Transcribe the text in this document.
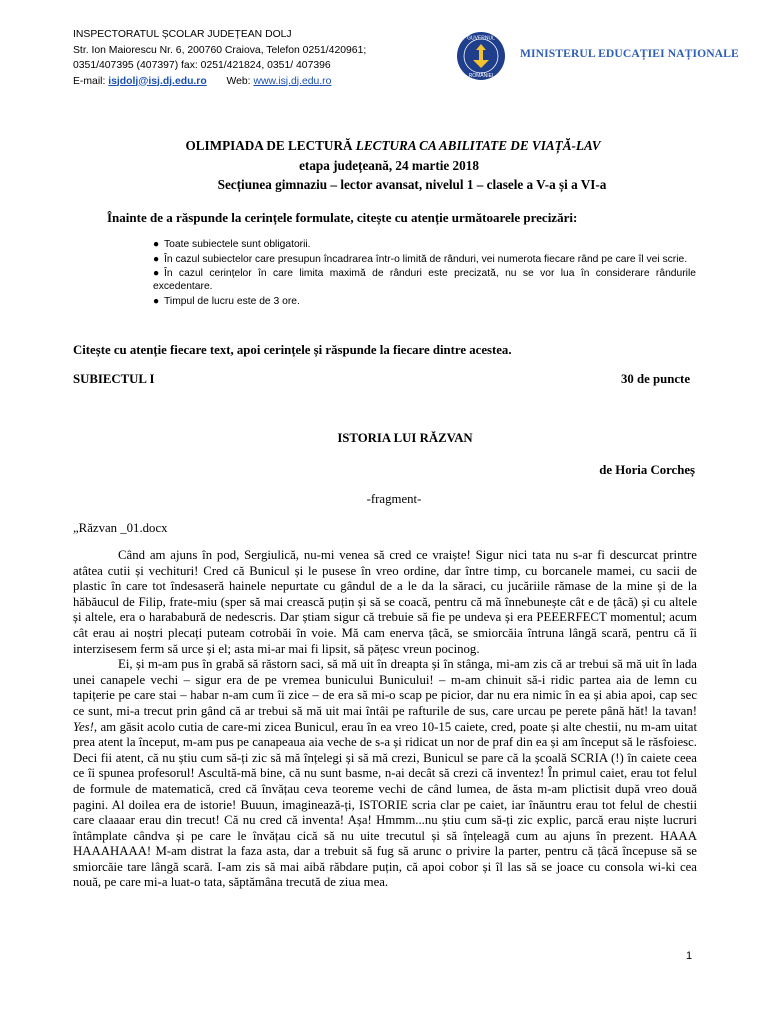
INSPECTORATUL ȘCOLAR JUDEȚEAN DOLJ
Str. Ion Maiorescu Nr. 6, 200760 Craiova, Telefon 0251/420961;
0351/407395 (407397) fax: 0251/421824, 0351/ 407396
E-mail: isjdolj@isj.dj.edu.ro Web: www.isj.dj.edu.ro
GUVERNUL
ROMÂNIEI
MINISTERUL EDUCAȚIEI NAȚIONALE
OLIMPIADA DE LECTURĂ LECTURA CA ABILITATE DE VIAȚĂ-LAV
etapa județeană, 24 martie 2018
Secțiunea gimnaziu – lector avansat, nivelul 1 – clasele a V-a și a VI-a
Înainte de a răspunde la cerințele formulate, citește cu atenție următoarele precizări:
● Toate subiectele sunt obligatorii.
● În cazul subiectelor care presupun încadrarea într-o limită de rânduri, vei numerota fiecare rând pe care îl vei scrie.
● În cazul cerințelor în care limita maximă de rânduri este precizată, nu se vor lua în considerare rândurile excedentare.
● Timpul de lucru este de 3 ore.
Citește cu atenție fiecare text, apoi cerințele și răspunde la fiecare dintre acestea.
SUBIECTUL I	30 de puncte
ISTORIA LUI RĂZVAN
de Horia Corcheș
-fragment-
„Răzvan _01.docx

Când am ajuns în pod, Sergiulică, nu-mi venea să cred ce vraiște! Sigur nici tata nu s-ar fi descurcat printre atâtea cutii și vechituri! Cred că Bunicul și le pusese în vreo ordine, dar între timp, cu borcanele mamei, cu sacii de plastic în care tot îndesaseră hainele nepurtate cu gândul de a le da la săraci, cu jucăriile rămase de la mine și de la hăbăucul de Filip, frate-miu (sper să mai crească puțin și să se coacă, pentru că mă înnebunește cât e de țâcă) și cu altele și altele, era o harababură de nedescris. Dar știam sigur că trebuie să fie pe undeva și era PEEERFECT momentul; acum cât erau ai noștri plecați puteam cotrobăi în voie. Mă cam enerva țâcă, se smiorcăia întruna lângă scară, pentru că îi interzisesem ferm să urce și el; asta mi-ar mai fi lipsit, să pățesc vreun pocinog.

Ei, și m-am pus în grabă să răstorn saci, să mă uit în dreapta și în stânga, mi-am zis că ar trebui să mă uit în lada unei canapele vechi – sigur era de pe vremea bunicului Bunicului! – m-am chinuit să-i ridic partea aia de lemn cu tapițerie pe care stai – habar n-am cum îi zice – de era să mi-o scap pe picior, dar nu era nimic în ea și abia apoi, cap sec ce sunt, mi-a trecut prin gând că ar trebui să mă uit mai întâi pe rafturile de sus, care urcau pe perete până hăt! la tavan! Yes!, am găsit acolo cutia de care-mi zicea Bunicul, erau în ea vreo 10-15 caiete, cred, poate și alte chestii, nu m-am uitat prea atent la început, m-am pus pe canapeaua aia veche de s-a și ridicat un nor de praf din ea și am început să le răsfoiesc. Deci fii atent, că nu știu cum să-ți zic să mă înțelegi și să mă crezi, Bunicul se pare că la școală SCRIA (!) în caiete ceea ce îi spunea profesorul! Ascultă-mă bine, că nu sunt basme, n-ai decât să crezi că inventez! În primul caiet, erau tot felul de formule de matematică, cred că învățau ceva teoreme vechi de când lumea, de ăsta m-am plictisit după vreo două pagini. Al doilea era de istorie! Buuun, imaginează-ți, ISTORIE scria clar pe caiet, iar înăuntru erau tot felul de chestii care claaaar erau din trecut! Că nu cred că inventa! Așa! Hmmm...nu știu cum să-ți zic explic, parcă erau niște lucruri întâmplate cândva și pe care le învățau cică să nu uite trecutul și să înțeleagă cum au ajuns în prezent. HAAA HAAAHAAA! M-am distrat la faza asta, dar a trebuit să fug să arunc o privire la parter, pentru că țâcă începuse să se smiorcăie tare lângă scară. I-am zis să mai aibă răbdare puțin, că apoi cobor și îl las să se joace cu consola wi-ki cea nouă, pe care mi-a luat-o tata, săptămâna trecută de ziua mea.

1
